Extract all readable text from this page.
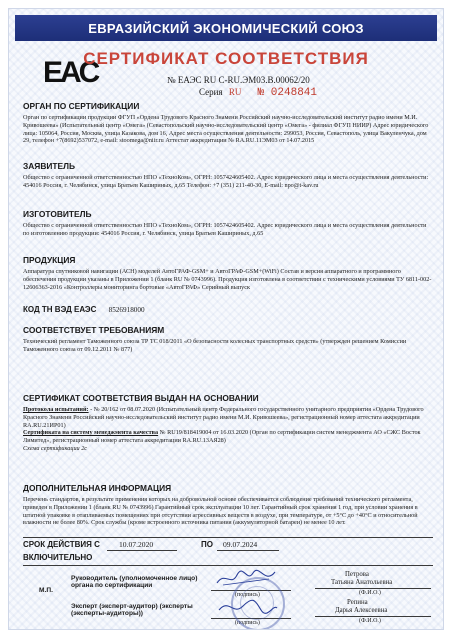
ЕВРАЗИЙСКИЙ ЭКОНОМИЧЕСКИЙ СОЮЗ
EAC
СЕРТИФИКАТ СООТВЕТСТВИЯ
№ ЕАЭС RU С-RU.ЭМ03.В.00062/20
Серия RU № 0248841
ОРГАН ПО СЕРТИФИКАЦИИ
Орган по сертификации продукции ФГУП «Ордена Трудового Красного Знамени Российский научно-исследовательский институт радио имени М.И. Кривошеева» (Испытательный центр «Омега» (Севастопольский научно-исследовательский центр «Омега» - филиал ФГУП НИИР) Адрес юридического лица: 105064, Россия, Москва, улица Казакова, дом 16, Адрес места осуществления деятельности: 299053, Россия, Севастополь, улица Вакуленчука, дом 29, телефон +7(8692)537072, e-mail: stoomega@niir.ru Аттестат аккредитации № RA.RU.11ЭМ03 от 14.07.2015
ЗАЯВИТЕЛЬ
Общество с ограниченной ответственностью НПО «ТехноКом», ОГРН: 1057424605402. Адрес юридического лица и места осуществления деятельности: 454016 Россия, г. Челябинск, улица Братьев Кашириных, д.65 Телефон: +7 (351) 211-40-30, E-mail: npo@t-kav.ru
ИЗГОТОВИТЕЛЬ
Общество с ограниченной ответственностью НПО «ТехноКом», ОГРН: 1057424605402. Адрес юридического лица и места осуществления деятельности по изготовлению продукции: 454016 Россия, г. Челябинск, улица Братьев Кашириных, д.65
ПРОДУКЦИЯ
Аппаратура спутниковой навигации (АСН) моделей АвтоГРАФ-GSM+ и АвтоГРАФ-GSM+(WiFi) Состав и версия аппаратного и программного обеспечения продукции указаны в Приложении 1 (бланк RU № 0743996). Продукция изготовлена в соответствии с техническими условиями ТУ 6811-002-12606363-2016 «Контроллеры мониторинга бортовые «АвтоГРАФ» Серийный выпуск
КОД ТН ВЭД ЕАЭС 8526918000
СООТВЕТСТВУЕТ ТРЕБОВАНИЯМ
Технический регламент Таможенного союза ТР ТС 018/2011 «О безопасности колесных транспортных средств» (утвержден решением Комиссии Таможенного союза от 09.12.2011 № 877)
СЕРТИФИКАТ СООТВЕТСТВИЯ ВЫДАН НА ОСНОВАНИИ
Протокола испытаний: - № 20/162 от 08.07.2020 (Испытательный центр Федерального государственного унитарного предприятия «Ордена Трудового Красного Знамени Российский научно-исследовательский институт радио имени М.И. Кривошеева», регистрационный номер аттестата аккредитации RA.RU.21ИР01)
Сертификата на систему менеджмента качества № RU19/818419004 от 16.03.2020 (Орган по сертификации систем менеджмента АО «СЖС Восток Лимитед», регистрационный номер аттестата аккредитации RA.RU.13АЯ28)
Схема сертификации 2с
ДОПОЛНИТЕЛЬНАЯ ИНФОРМАЦИЯ
Перечень стандартов, в результате применения которых на добровольной основе обеспечивается соблюдение требований технического регламента, приведен в Приложении 1 (бланк RU № 0743996) Гарантийный срок эксплуатации 10 лет. Гарантийный срок хранения 1 год, при условии хранения в штатной упаковке в отапливаемых помещениях при отсутствии агрессивных веществ в воздухе, при температуре, от +5°С до +40°С и относительной влажности не более 80%. Срок службы (кроме встроенного источника питания (аккумуляторной батареи) не менее 10 лет.
СРОК ДЕЙСТВИЯ С	10.07.2020	ПО 09.07.2024
ВКЛЮЧИТЕЛЬНО
Руководитель (уполномоченное лицо) органа по сертификации
М.П.
(подпись)
Петрова
Татьяна Анатольевна
(Ф.И.О.)
Эксперт (эксперт-аудитор) (эксперты (эксперты-аудиторы))
(подпись)
Репина
Дарья Алексеевна
(Ф.И.О.)
